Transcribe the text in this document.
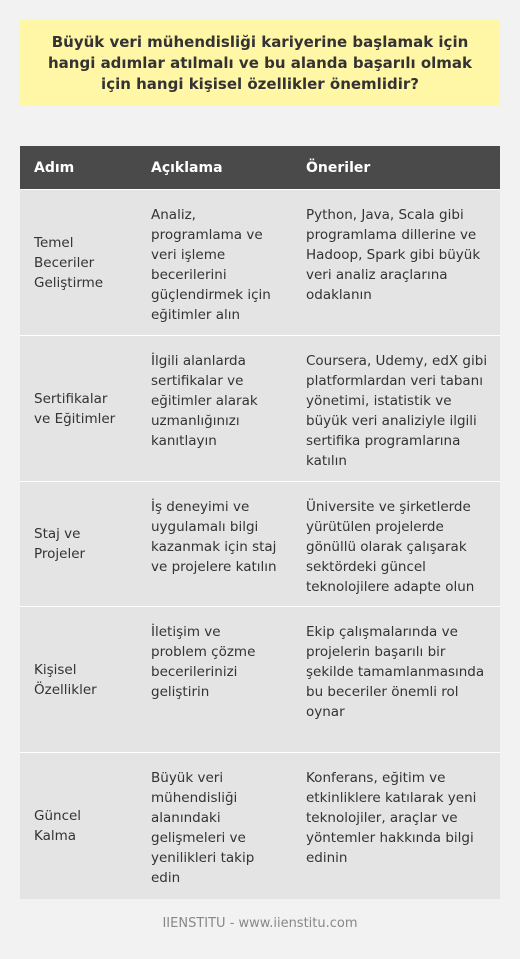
Büyük veri mühendisliği kariyerine başlamak için hangi adımlar atılmalı ve bu alanda başarılı olmak için hangi kişisel özellikler önemlidir?
Adım	Açıklama	Öneriler
Temel Beceriler Geliştirme
Analiz, programlama ve veri işleme becerilerini güçlendirmek için eğitimler alın
Python, Java, Scala gibi programlama dillerine ve Hadoop, Spark gibi büyük veri analiz araçlarına odaklanın
Sertifikalar ve Eğitimler
İlgili alanlarda sertifikalar ve eğitimler alarak uzmanlığınızı kanıtlayın
Coursera, Udemy, edX gibi platformlardan veri tabanı yönetimi, istatistik ve büyük veri analiziyle ilgili sertifika programlarına katılın
Staj ve Projeler
İş deneyimi ve uygulamalı bilgi kazanmak için staj ve projelere katılın
Üniversite ve şirketlerde yürütülen projelerde gönüllü olarak çalışarak sektördeki güncel teknolojilere adapte olun
Kişisel Özellikler
İletişim ve problem çözme becerilerinizi geliştirin
Ekip çalışmalarında ve projelerin başarılı bir şekilde tamamlanmasında bu beceriler önemli rol oynar
Güncel Kalma
Büyük veri mühendisliği alanındaki gelişmeleri ve yenilikleri takip edin
Konferans, eğitim ve etkinliklere katılarak yeni teknolojiler, araçlar ve yöntemler hakkında bilgi edinin
IIENSTITU - www.iienstitu.com
